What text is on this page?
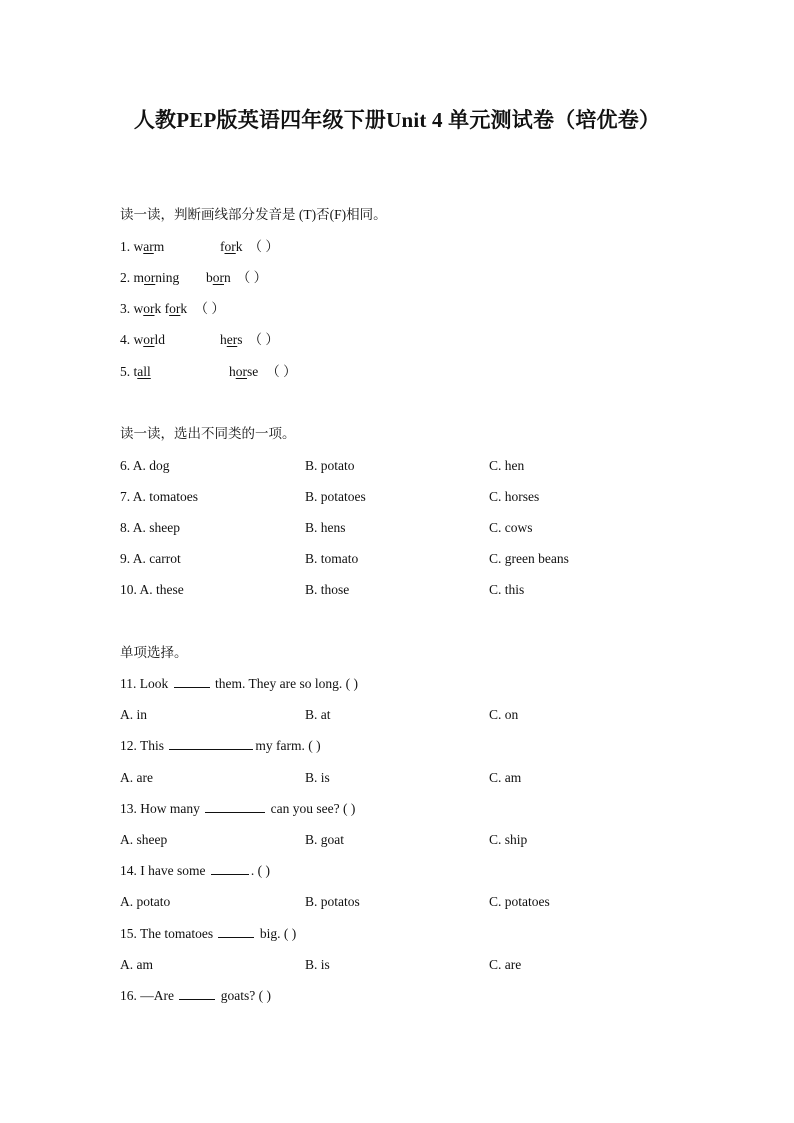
人教PEP版英语四年级下册Unit 4 单元测试卷（培优卷）
读一读，判断画线部分发音是 (T)否(F)相同。
1. warm	fork （ ）
2. morning born （ ）
3. work fork （ ）
4. world	hers （ ）
5. tall	horse （ ）
读一读，选出不同类的一项。
6. A. dog	B. potato	C. hen
7. A. tomatoes	B. potatoes	C. horses
8. A. sheep	B. hens	C. cows
9. A. carrot	B. tomato	C. green beans
10. A. these	B. those	C. this
单项选择。
11. Look	them. They are so long. ( )
A. in	B. at	C. on
12. This	my farm. ( )
A. are	B. is	C. am
13. How many	can you see? ( )
A. sheep	B. goat	C. ship
14. I have some	. ( )
A. potato	B. potatos	C. potatoes
15. The tomatoes	big. ( )
A. am	B. is	C. are
16. —Are	goats? ( )
